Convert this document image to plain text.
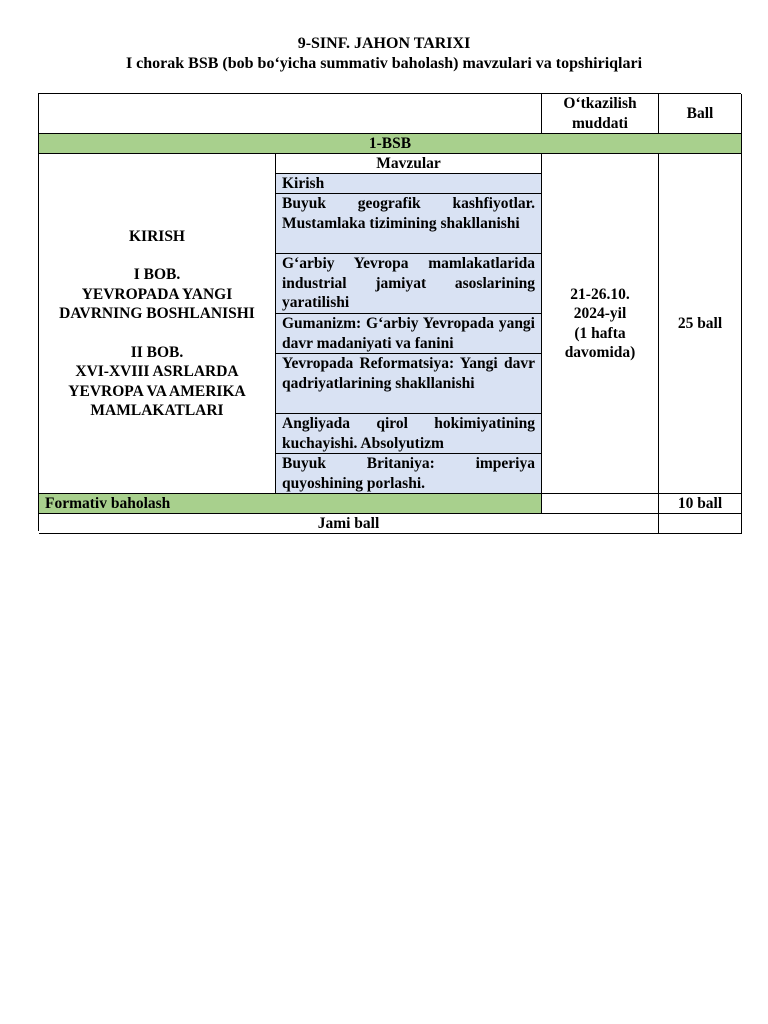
9-SINF. JAHON TARIXI
I chorak BSB (bob bo‘yicha summativ baholash) mavzulari va topshiriqlari
O‘tkazilish muddati
Ball
1-BSB
KIRISH
I BOB.
YEVROPADA YANGI DAVRNING BOSHLANISHI
II BOB.
XVI-XVIII ASRLARDA YEVROPA VA AMERIKA MAMLAKATLARI
Mavzular
Kirish
Buyuk geografik kashfiyotlar. Mustamlaka tizimining shakllanishi
G‘arbiy Yevropa mamlakatlarida industrial jamiyat asoslarining yaratilishi
Gumanizm: G‘arbiy Yevropada yangi davr madaniyati va fanini
Yevropada Reformatsiya: Yangi davr qadriyatlarining shakllanishi
Angliyada qirol hokimiyatining kuchayishi. Absolyutizm
Buyuk Britaniya: imperiya quyoshining porlashi.
21-26.10.
2024-yil
(1 hafta
davomida)
25 ball
Formativ baholash	10 ball
Jami ball
